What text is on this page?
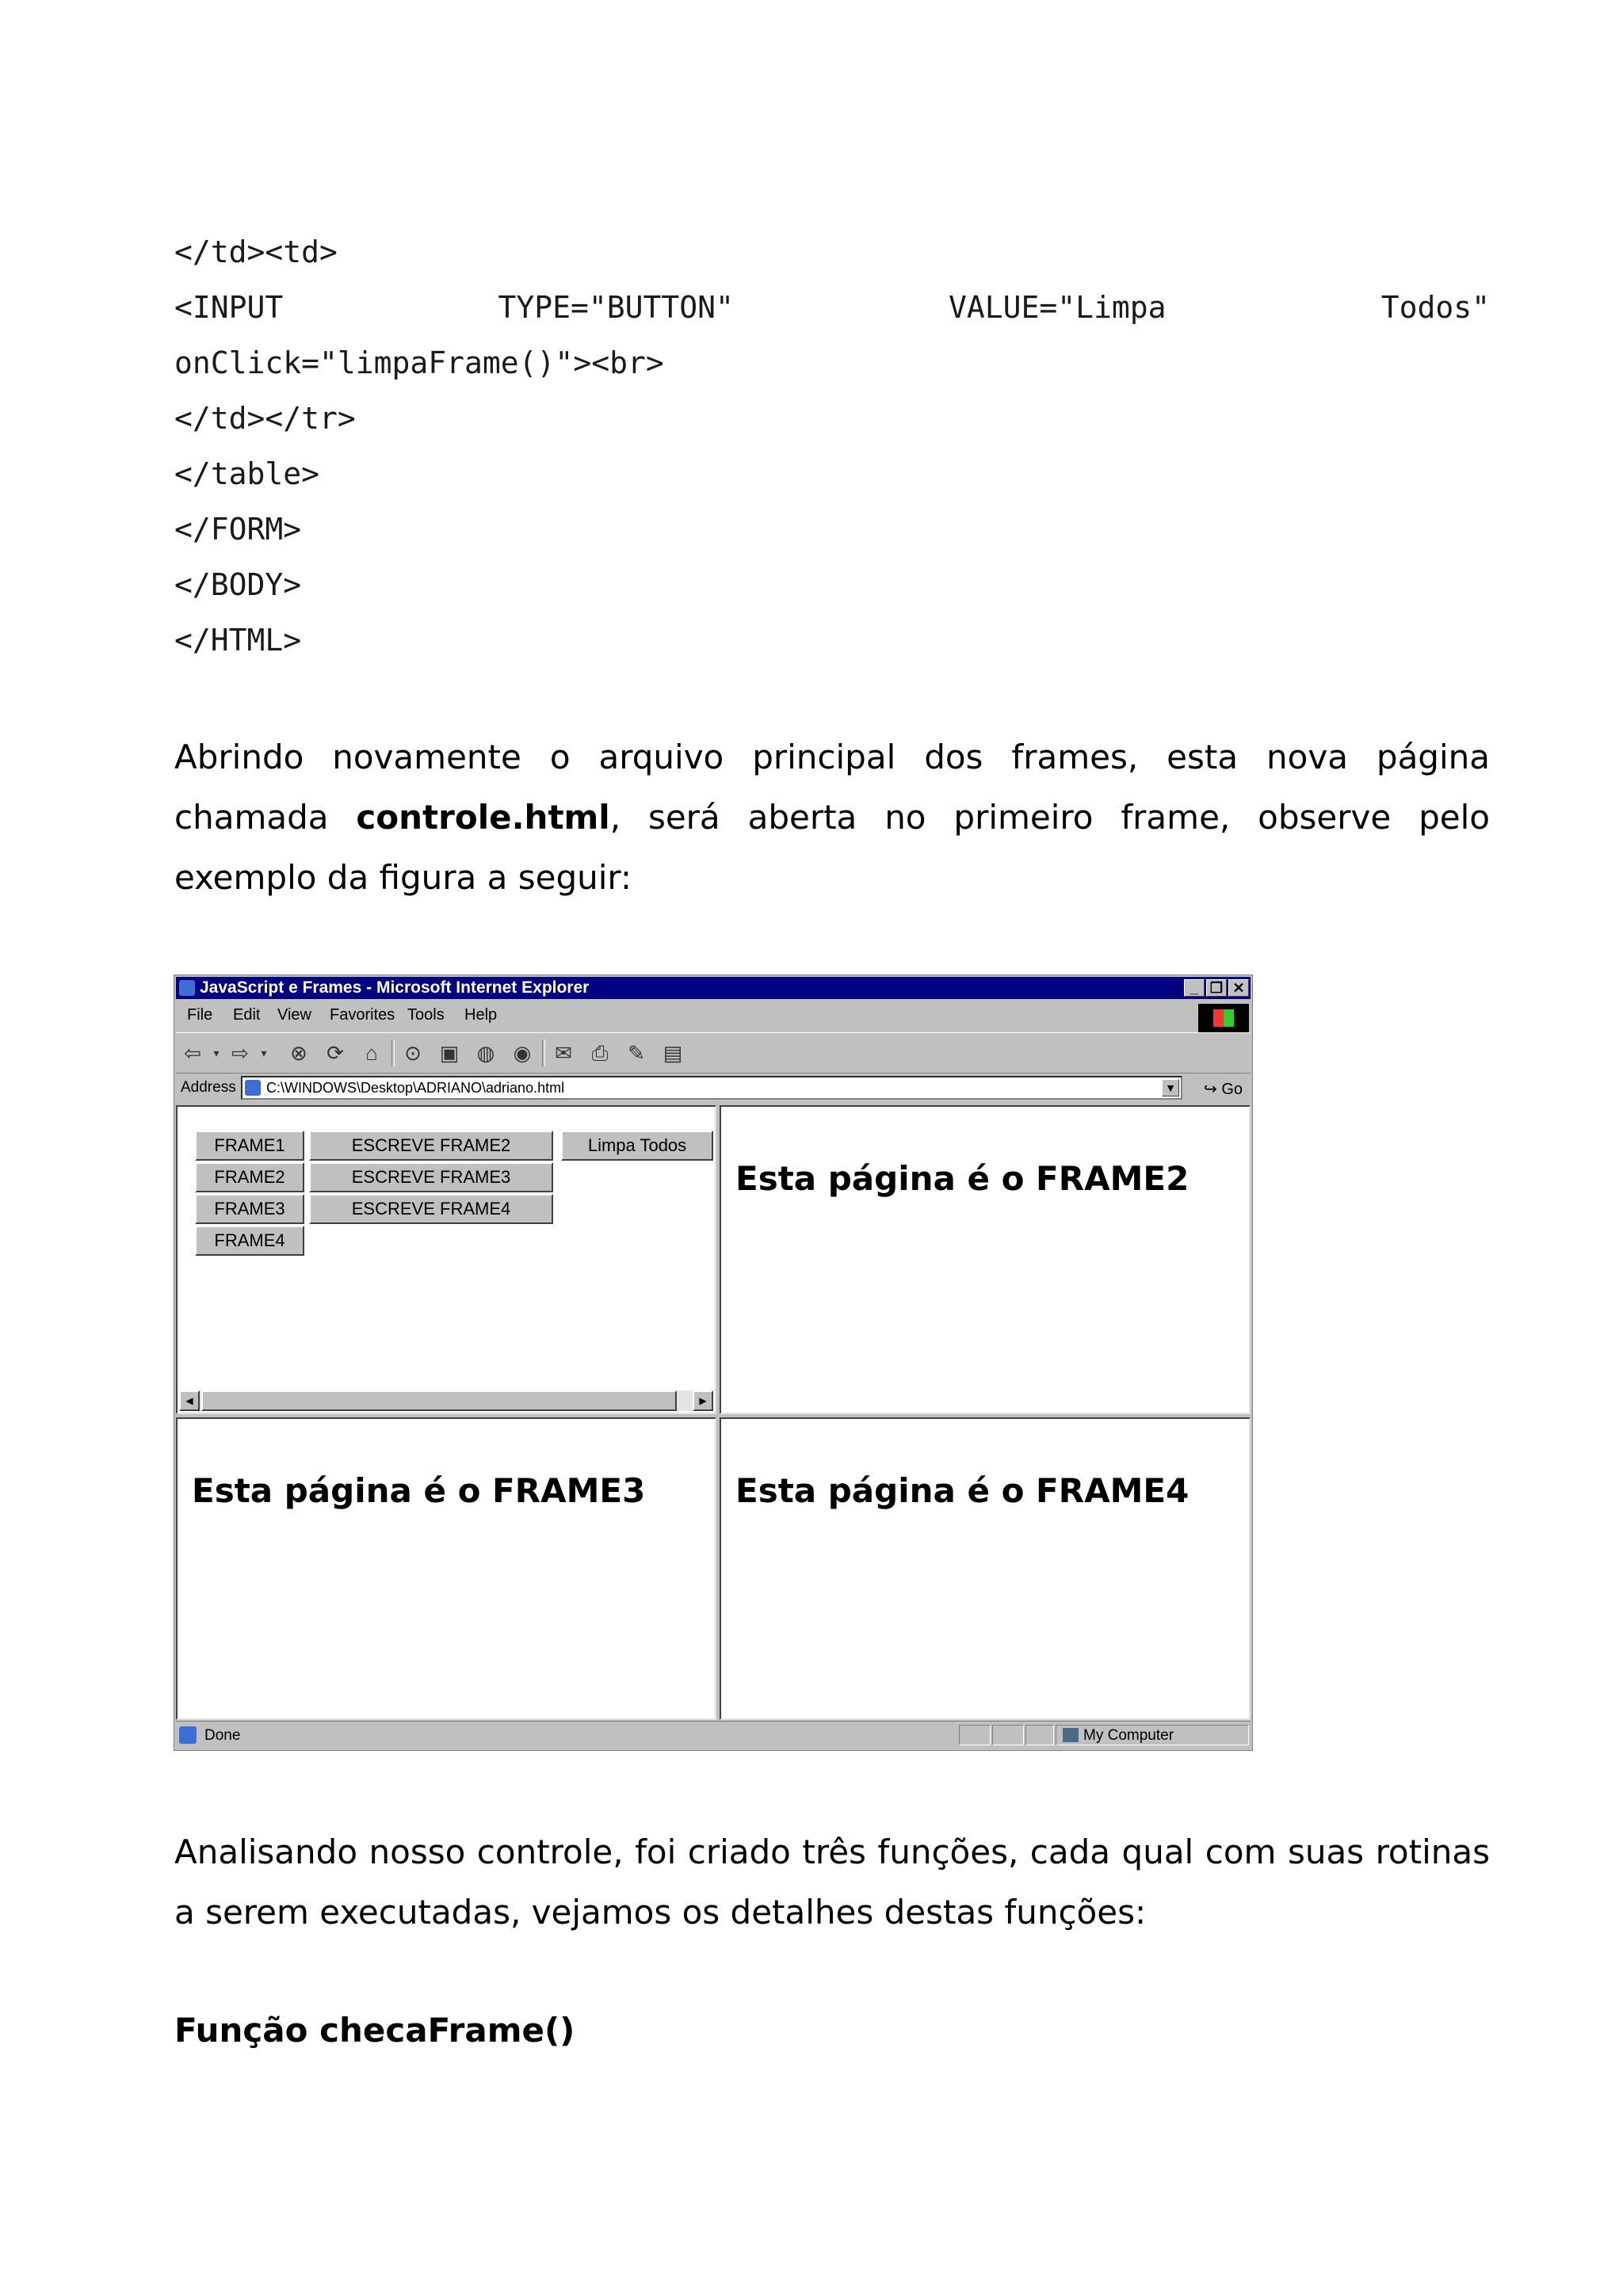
</td><td>
<INPUT	TYPE="BUTTON"	VALUE="Limpa	Todos"
onClick="limpaFrame()"><br>
</td></tr>
</table>
</FORM>
</BODY>
</HTML>

Abrindo novamente o arquivo principal dos frames, esta nova página chamada controle.html, será aberta no primeiro frame, observe pelo exemplo da figura a seguir:

JavaScript e Frames - Microsoft Internet Explorer	_ ❐ ✕
File Edit View Favorites Tools Help
⇦	▾ ⇨	▾	⊗ ⟳ ⌂ ⊙ ▣ ◍ ◉ ✉ ⎙ ✎ ▤
Address C:\WINDOWS\Desktop\ADRIANO\adriano.html	▼ ↪ Go
FRAME1
FRAME2
FRAME3
FRAME4
ESCREVE FRAME2
ESCREVE FRAME3
ESCREVE FRAME4
Limpa Todos
◀	▶
Esta página é o FRAME2
Esta página é o FRAME3	Esta página é o FRAME4
Done	My Computer

Analisando nosso controle, foi criado três funções, cada qual com suas rotinas a serem executadas, vejamos os detalhes destas funções:

Função checaFrame()
